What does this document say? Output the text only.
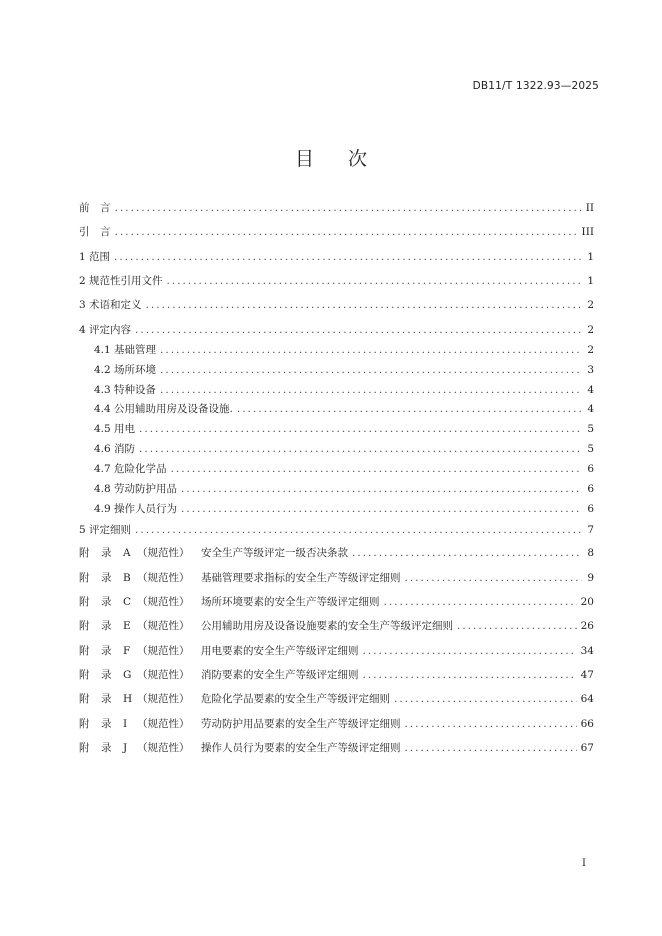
DB11/T 1322.93—2025
目 次
前　言 .....	II
引　言 .....	III
1 范围 .....	1
2 规范性引用文件 .....	1
3 术语和定义 .....	2
4 评定内容 .....	2
4.1 基础管理 .....	2
4.2 场所环境 .....	3
4.3 特种设备 .....	4
4.4 公用辅助用房及设备设施. .....	4
4.5 用电 .....	5
4.6 消防 .....	5
4.7 危险化学品 .....	6
4.8 劳动防护用品 .....	6
4.9 操作人员行为 .....	6
5 评定细则 .....	7
附 录 A （规范性） 安全生产等级评定一级否决条款 .....	8
附 录 B （规范性） 基础管理要求指标的安全生产等级评定细则 .....	9
附 录 C （规范性） 场所环境要素的安全生产等级评定细则 .....	20
附 录 E （规范性） 公用辅助用房及设备设施要素的安全生产等级评定细则 .....	26
附 录 F （规范性） 用电要素的安全生产等级评定细则 .....	34
附 录 G （规范性） 消防要素的安全生产等级评定细则 .....	47
附 录 H （规范性） 危险化学品要素的安全生产等级评定细则 .....	64
附 录 I （规范性） 劳动防护用品要素的安全生产等级评定细则 .....	66
附 录 J （规范性） 操作人员行为要素的安全生产等级评定细则 .....	67
I
